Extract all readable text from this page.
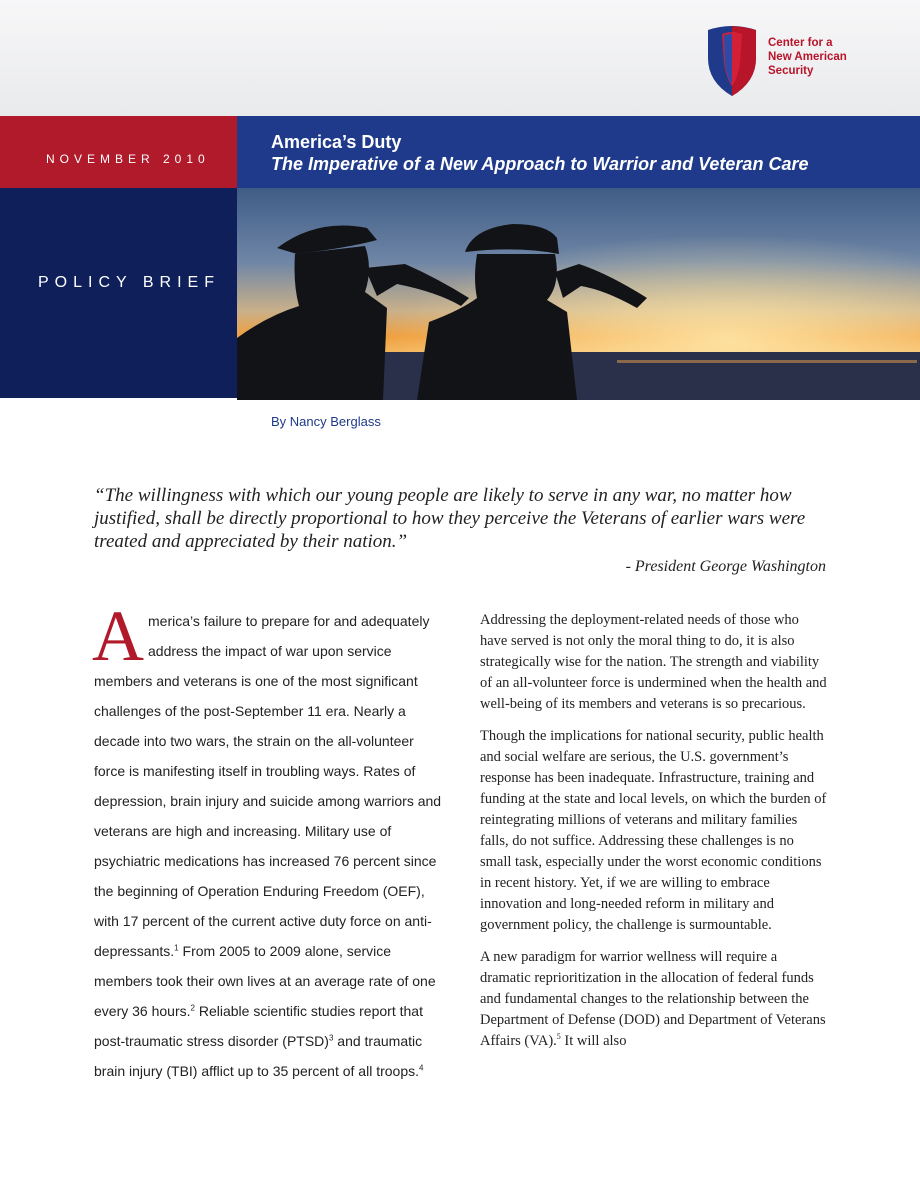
Center for a
New American
Security
NOVEMBER 2010
America’s Duty
The Imperative of a New Approach to Warrior and Veteran Care
POLICY BRIEF
By Nancy Berglass
“The willingness with which our young people are likely to serve in any war, no matter how justified, shall be directly proportional to how they perceive the Veterans of earlier wars were treated and appreciated by their nation.”
- President George Washington

America’s failure to prepare for and adequately address the impact of war upon service members and veterans is one of the most significant challenges of the post-September 11 era. Nearly a decade into two wars, the strain on the all-volunteer force is manifesting itself in troubling ways. Rates of depression, brain injury and suicide among warriors and veterans are high and increasing. Military use of psychiatric medications has increased 76 percent since the beginning of Operation Enduring Freedom (OEF), with 17 percent of the current active duty force on anti-depressants.$^1$ From 2005 to 2009 alone, service members took their own lives at an average rate of one every 36 hours.$^2$ Reliable scientific studies report that post-traumatic stress disorder (PTSD)$^3$ and traumatic brain injury (TBI) afflict up to 35 percent of all troops.$^4$

Addressing the deployment-related needs of those who have served is not only the moral thing to do, it is also strategically wise for the nation. The strength and viability of an all-volunteer force is undermined when the health and well-being of its members and veterans is so precarious.

Though the implications for national security, public health and social welfare are serious, the U.S. government’s response has been inadequate. Infrastructure, training and funding at the state and local levels, on which the burden of reintegrating millions of veterans and military families falls, do not suffice. Addressing these challenges is no small task, especially under the worst economic conditions in recent history. Yet, if we are willing to embrace innovation and long-needed reform in military and government policy, the challenge is surmountable.

A new paradigm for warrior wellness will require a dramatic reprioritization in the allocation of federal funds and fundamental changes to the relationship between the Department of Defense (DOD) and Department of Veterans Affairs (VA).$^5$ It will also
